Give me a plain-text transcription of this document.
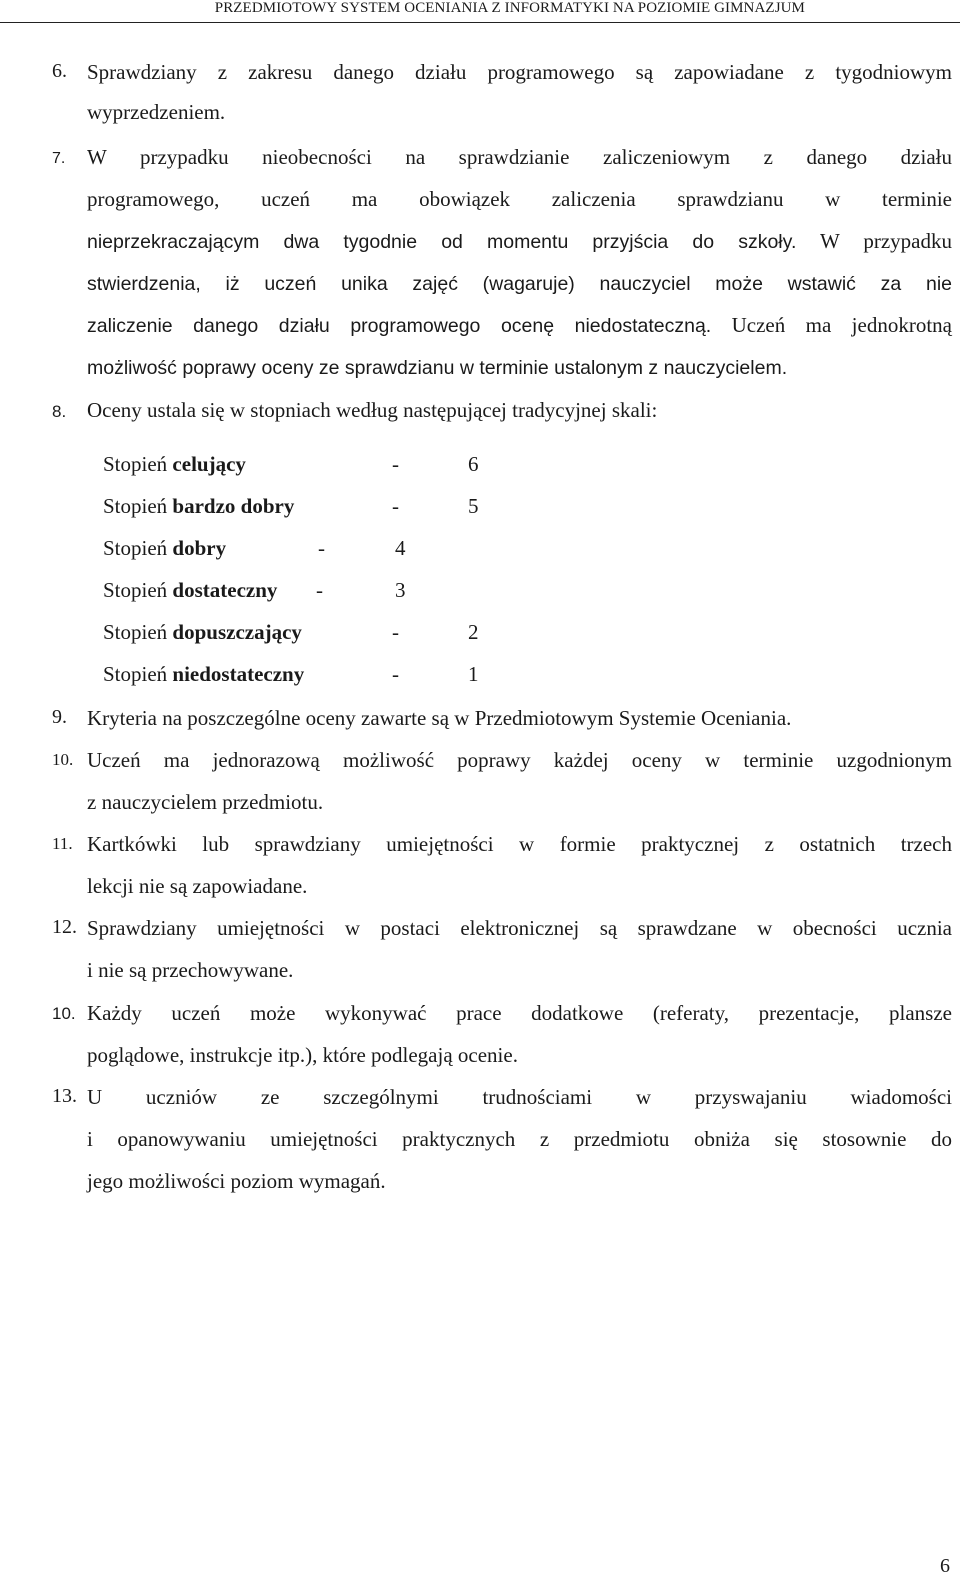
PRZEDMIOTOWY SYSTEM OCENIANIA Z INFORMATYKI NA POZIOMIE GIMNAZJUM
6. Sprawdziany z zakresu danego działu programowego są zapowiadane z tygodniowym
wyprzedzeniem.
7. W przypadku nieobecności na sprawdzianie zaliczeniowym z danego działu
programowego, uczeń ma obowiązek zaliczenia sprawdzianu w terminie
nieprzekraczającym dwa tygodnie od momentu przyjścia do szkoły. W przypadku
stwierdzenia, iż uczeń unika zajęć (wagaruje) nauczyciel może wstawić za nie
zaliczenie danego działu programowego ocenę niedostateczną. Uczeń ma jednokrotną
możliwość poprawy oceny ze sprawdzianu w terminie ustalonym z nauczycielem.
8. Oceny ustala się w stopniach według następującej tradycyjnej skali:
Stopień celujący	-	6
Stopień bardzo dobry	-	5
Stopień dobry	-	4
Stopień dostateczny -	3
Stopień dopuszczający	-	2
Stopień niedostateczny	-	1
9. Kryteria na poszczególne oceny zawarte są w Przedmiotowym Systemie Oceniania.
10. Uczeń ma jednorazową możliwość poprawy każdej oceny w terminie uzgodnionym
z nauczycielem przedmiotu.
11. Kartkówki lub sprawdziany umiejętności w formie praktycznej z ostatnich trzech
lekcji nie są zapowiadane.
12. Sprawdziany umiejętności w postaci elektronicznej są sprawdzane w obecności ucznia
i nie są przechowywane.
10. Każdy uczeń może wykonywać prace dodatkowe (referaty, prezentacje, plansze
poglądowe, instrukcje itp.), które podlegają ocenie.
13. U uczniów ze szczególnymi trudnościami w przyswajaniu wiadomości
i opanowywaniu umiejętności praktycznych z przedmiotu obniża się stosownie do
jego możliwości poziom wymagań.
6
